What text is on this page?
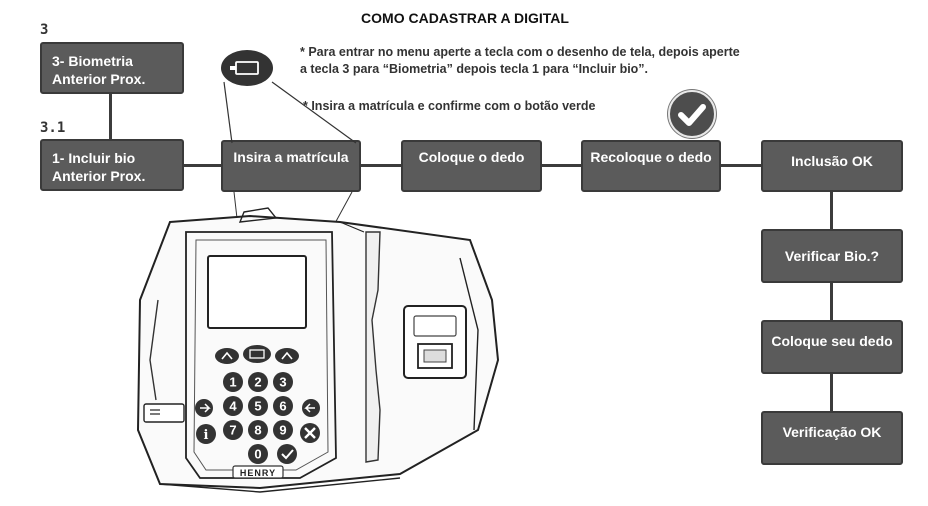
COMO CADASTRAR A DIGITAL
3
3.1
3- Biometria
Anterior Prox.
1- Incluir bio
Anterior Prox.
Insira a matrícula	Coloque o dedo	Recoloque o dedo	Inclusão OK
Verificar Bio.?
Coloque seu dedo
Verificação OK
* Para entrar no menu aperte a tecla com o desenho de tela, depois aperte
a tecla 3 para “Biometria” depois tecla 1 para “Incluir bio”.
* Insira a matrícula e confirme com o botão verde
i
1 2 3
4 5 6
7 8 9
0
HENRY
